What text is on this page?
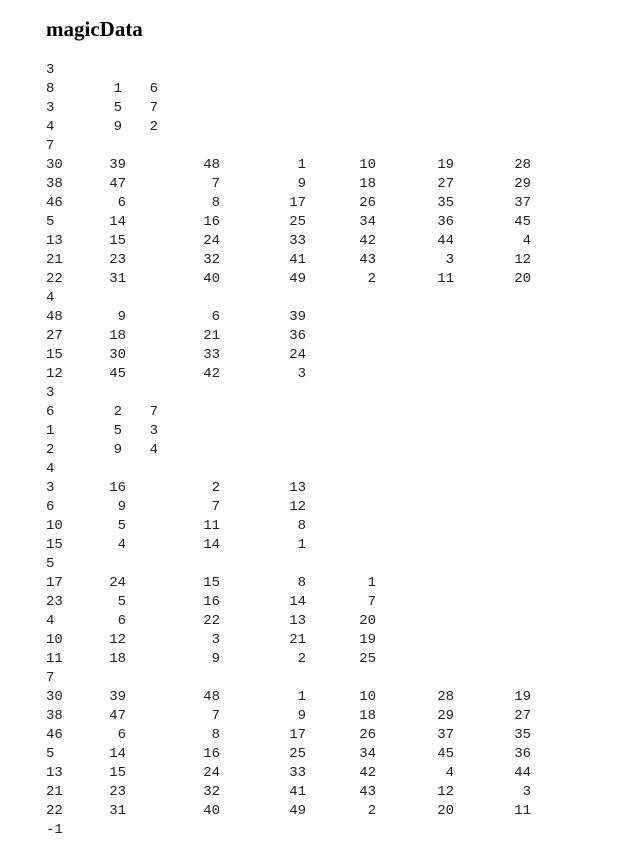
magicData
3
8	1	6
3	5	7
4	9	2
7
30	39	48	1	10	19	28
38	47	7	9	18	27	29
46	6	8	17	26	35	37
5	14	16	25	34	36	45
13	15	24	33	42	44	4
21	23	32	41	43	3	12
22	31	40	49	2	11	20
4
48	9	6	39
27	18	21	36
15	30	33	24
12	45	42	3
3
6	2	7
1	5	3
2	9	4
4
3	16	2	13
6	9	7	12
10	5	11	8
15	4	14	1
5
17	24	15	8	1
23	5	16	14	7
4	6	22	13	20
10	12	3	21	19
11	18	9	2	25
7
30	39	48	1	10	28	19
38	47	7	9	18	29	27
46	6	8	17	26	37	35
5	14	16	25	34	45	36
13	15	24	33	42	4	44
21	23	32	41	43	12	3
22	31	40	49	2	20	11
-1
